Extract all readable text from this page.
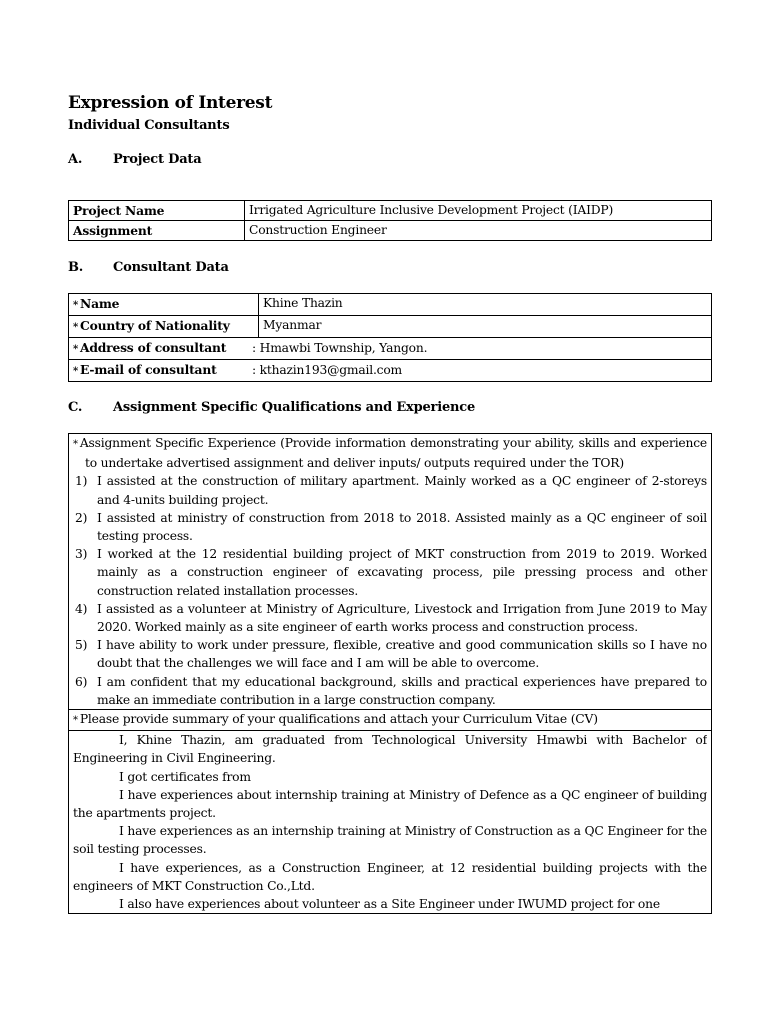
Expression of Interest
Individual Consultants
A. Project Data
Project Name	Irrigated Agriculture Inclusive Development Project (IAIDP)
Assignment	Construction Engineer
B. Consultant Data
* Name	Khine Thazin
* Country of Nationality	Myanmar
* Address of consultant : Hmawbi Township, Yangon.	
* E-mail of consultant : kthazin193@gmail.com	
C. Assignment Specific Qualifications and Experience
* Assignment Specific Experience (Provide information demonstrating your ability, skills and experience to undertake advertised assignment and deliver inputs/ outputs required under the TOR)
1) I assisted at the construction of military apartment. Mainly worked as a QC engineer of 2-storeys and 4-units building project.
2) I assisted at ministry of construction from 2018 to 2018. Assisted mainly as a QC engineer of soil testing process.
3) I worked at the 12 residential building project of MKT construction from 2019 to 2019. Worked mainly as a construction engineer of excavating process, pile pressing process and other construction related installation processes.
4) I assisted as a volunteer at Ministry of Agriculture, Livestock and Irrigation from June 2019 to May 2020. Worked mainly as a site engineer of earth works process and construction process.
5) I have ability to work under pressure, flexible, creative and good communication skills so I have no doubt that the challenges we will face and I am will be able to overcome.
6) I am confident that my educational background, skills and practical experiences have prepared to make an immediate contribution in a large construction company.

* Please provide summary of your qualifications and attach your Curriculum Vitae (CV)

I, Khine Thazin, am graduated from Technological University Hmawbi with Bachelor of Engineering in Civil Engineering.
I got certificates from
I have experiences about internship training at Ministry of Defence as a QC engineer of building the apartments project.
I have experiences as an internship training at Ministry of Construction as a QC Engineer for the soil testing processes.
I have experiences, as a Construction Engineer, at 12 residential building projects with the engineers of MKT Construction Co.,Ltd.
I also have experiences about volunteer as a Site Engineer under IWUMD project for one
